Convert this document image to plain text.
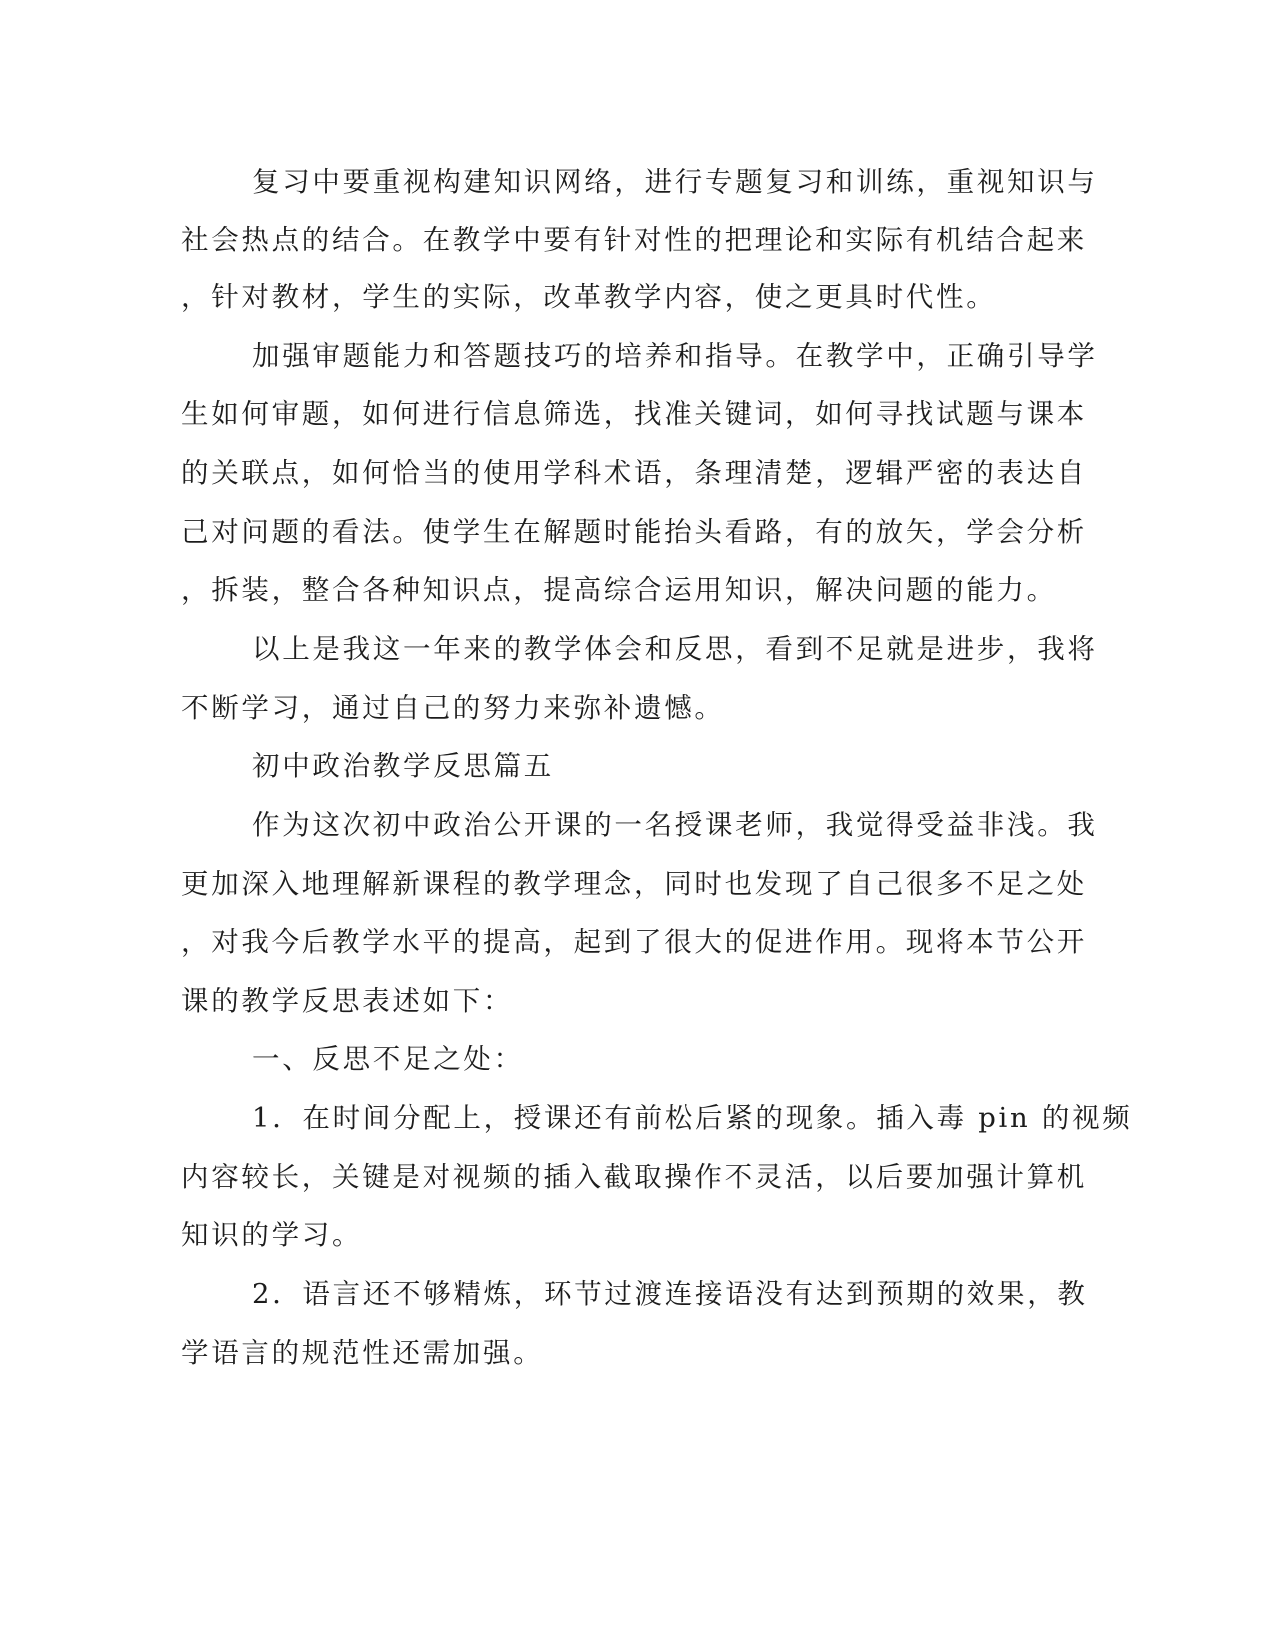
复习中要重视构建知识网络，进行专题复习和训练，重视知识与

社会热点的结合。在教学中要有针对性的把理论和实际有机结合起来

，针对教材，学生的实际，改革教学内容，使之更具时代性。

加强审题能力和答题技巧的培养和指导。在教学中，正确引导学

生如何审题，如何进行信息筛选，找准关键词，如何寻找试题与课本

的关联点，如何恰当的使用学科术语，条理清楚，逻辑严密的表达自

己对问题的看法。使学生在解题时能抬头看路，有的放矢，学会分析

，拆装，整合各种知识点，提高综合运用知识，解决问题的能力。

以上是我这一年来的教学体会和反思，看到不足就是进步，我将

不断学习，通过自己的努力来弥补遗憾。

初中政治教学反思篇五

作为这次初中政治公开课的一名授课老师，我觉得受益非浅。我

更加深入地理解新课程的教学理念，同时也发现了自己很多不足之处

，对我今后教学水平的提高，起到了很大的促进作用。现将本节公开

课的教学反思表述如下：

一、反思不足之处：

1．在时间分配上，授课还有前松后紧的现象。插入毒 pin 的视频

内容较长，关键是对视频的插入截取操作不灵活，以后要加强计算机

知识的学习。

2．语言还不够精炼，环节过渡连接语没有达到预期的效果，教

学语言的规范性还需加强。
